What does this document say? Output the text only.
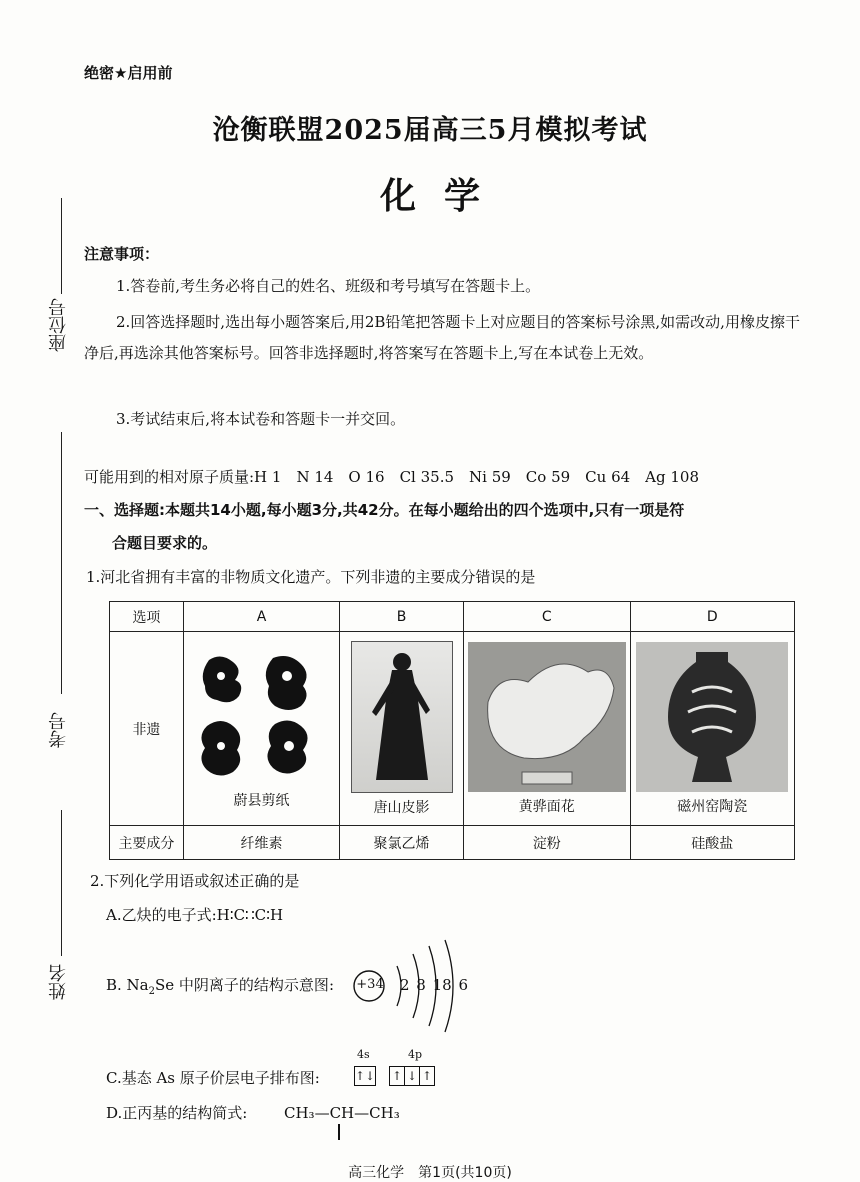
绝密★启用前
沧衡联盟2025届高三5月模拟考试
化学
座位号
考号
姓名
注意事项：
1.答卷前,考生务必将自己的姓名、班级和考号填写在答题卡上。
2.回答选择题时,选出每小题答案后,用2B铅笔把答题卡上对应题目的答案标号涂黑,如需改动,用橡皮擦干净后,再选涂其他答案标号。回答非选择题时,将答案写在答题卡上,写在本试卷上无效。
3.考试结束后,将本试卷和答题卡一并交回。
可能用到的相对原子质量:H 1　N 14　O 16　Cl 35.5　Ni 59　Co 59　Cu 64　Ag 108
一、选择题:本题共14小题,每小题3分,共42分。在每小题给出的四个选项中,只有一项是符
合题目要求的。
1.河北省拥有丰富的非物质文化遗产。下列非遗的主要成分错误的是
选项	A	B	C	D
非遗	蔚县剪纸	唐山皮影	黄骅面花	磁州窑陶瓷

主要成分	纤维素	聚氯乙烯	淀粉	硅酸盐
2.下列化学用语或叙述正确的是
A.乙炔的电子式:H∶C∷C∶H
B. $Na_2Se$ 中阴离子的结构示意图: +34 2 8 18 6
C.基态 As 原子价层电子排布图:
4s	4p
↑↓ ↑ ↓ ↑
D.正丙基的结构简式: CH₃—CH—CH₃
高三化学　第1页(共10页)
